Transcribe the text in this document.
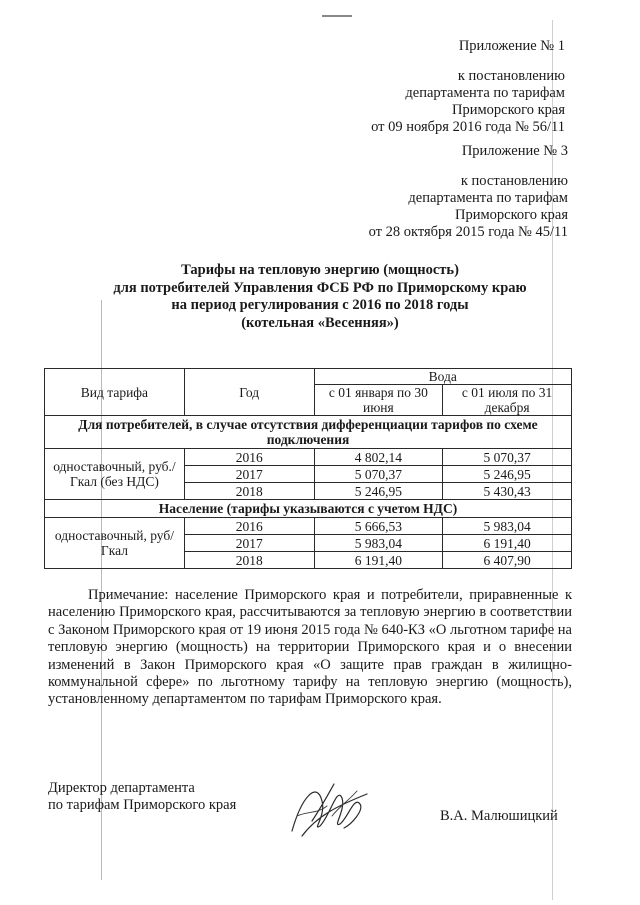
Приложение № 1
к постановлению
департамента по тарифам
Приморского края
от 09 ноября 2016 года № 56/11
Приложение № 3
к постановлению
департамента по тарифам
Приморского края
от 28 октября 2015 года № 45/11
Тарифы на тепловую энергию (мощность)
для потребителей Управления ФСБ РФ по Приморскому краю
на период регулирования с 2016 по 2018 годы
(котельная «Весенняя»)
Вид тарифа	Год	Вода	
		с 01 января по 30 июня	с 01 июля по 31 декабря
Для потребителей, в случае отсутствия дифференциации тарифов по схеме подключения			
одноставочный, руб./Гкал (без НДС)	2016	4 802,14	5 070,37
	2017	5 070,37	5 246,95
	2018	5 246,95	5 430,43
Население (тарифы указываются с учетом НДС)			
одноставочный, руб/Гкал	2016	5 666,53	5 983,04
	2017	5 983,04	6 191,40
	2018	6 191,40	6 407,90
Примечание: население Приморского края и потребители, приравненные к населению Приморского края, рассчитываются за тепловую энергию в соответствии с Законом Приморского края от 19 июня 2015 года № 640-КЗ «О льготном тарифе на тепловую энергию (мощность) на территории Приморского края и о внесении изменений в Закон Приморского края «О защите прав граждан в жилищно-коммунальной сфере» по льготному тарифу на тепловую энергию (мощность), установленному департаментом по тарифам Приморского края.
Директор департамента
по тарифам Приморского края
В.А. Малюшицкий
